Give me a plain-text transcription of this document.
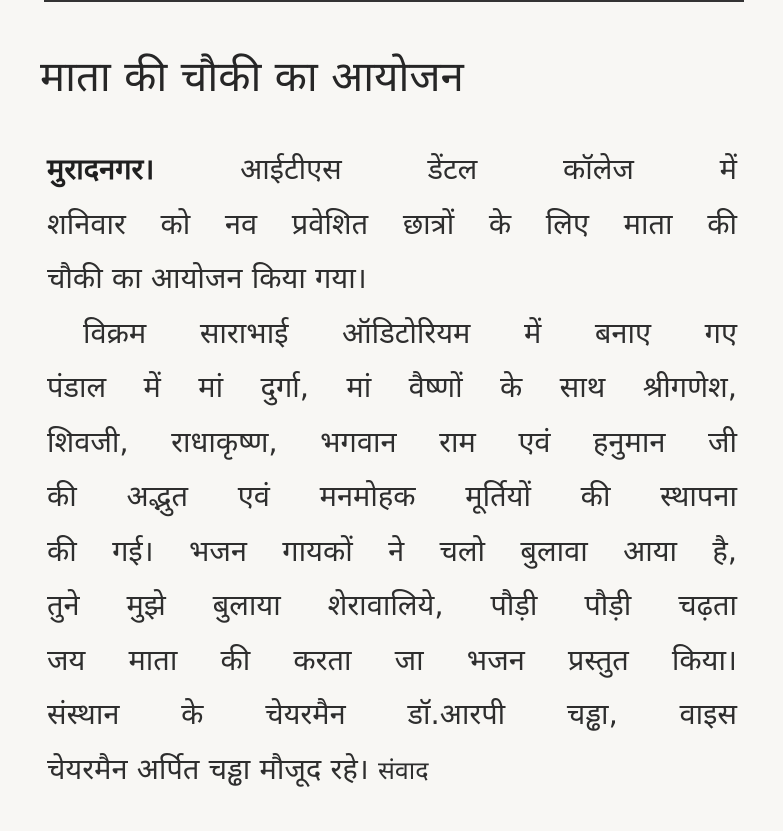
माता की चौकी का आयोजन
मुरादनगर।	आईटीएस डेंटल कॉलेज में
शनिवार को नव प्रवेशित छात्रों के लिए माता की
चौकी का आयोजन किया गया।
विक्रम साराभाई ऑडिटोरियम में बनाए गए
पंडाल में मां दुर्गा, मां वैष्णों के साथ श्रीगणेश,
शिवजी, राधाकृष्ण, भगवान राम एवं हनुमान जी
की अद्भुत एवं मनमोहक मूर्तियों की स्थापना
की गई। भजन गायकों ने चलो बुलावा आया है,
तुने मुझे बुलाया शेरावालिये, पौड़ी पौड़ी चढ़ता
जय माता की करता जा भजन प्रस्तुत किया।
संस्थान के चेयरमैन डॉ.आरपी चड्ढा, वाइस
चेयरमैन अर्पित चड्ढा मौजूद रहे। संवाद
